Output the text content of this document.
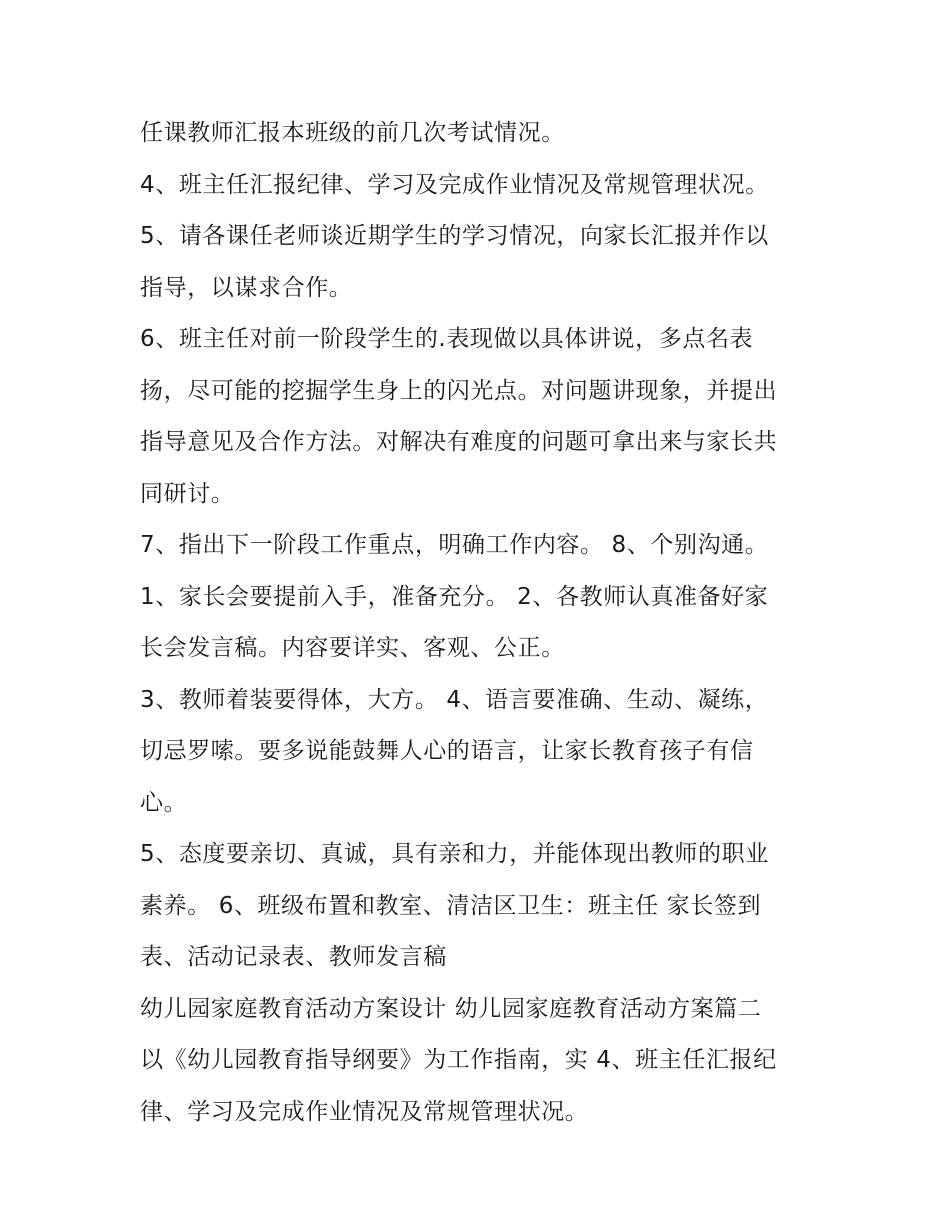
任课教师汇报本班级的前几次考试情况。
4、班主任汇报纪律、学习及完成作业情况及常规管理状况。
5、请各课任老师谈近期学生的学习情况，向家长汇报并作以
指导，以谋求合作。
6、班主任对前一阶段学生的.表现做以具体讲说，多点名表
扬，尽可能的挖掘学生身上的闪光点。对问题讲现象，并提出
指导意见及合作方法。对解决有难度的问题可拿出来与家长共
同研讨。
7、指出下一阶段工作重点，明确工作内容。 8、个别沟通。
1、家长会要提前入手，准备充分。 2、各教师认真准备好家
长会发言稿。内容要详实、客观、公正。
3、教师着装要得体，大方。 4、语言要准确、生动、凝练，
切忌罗嗦。要多说能鼓舞人心的语言，让家长教育孩子有信
心。
5、态度要亲切、真诚，具有亲和力，并能体现出教师的职业
素养。 6、班级布置和教室、清洁区卫生：班主任 家长签到
表、活动记录表、教师发言稿
幼儿园家庭教育活动方案设计 幼儿园家庭教育活动方案篇二
以《幼儿园教育指导纲要》为工作指南，实 4、班主任汇报纪
律、学习及完成作业情况及常规管理状况。
